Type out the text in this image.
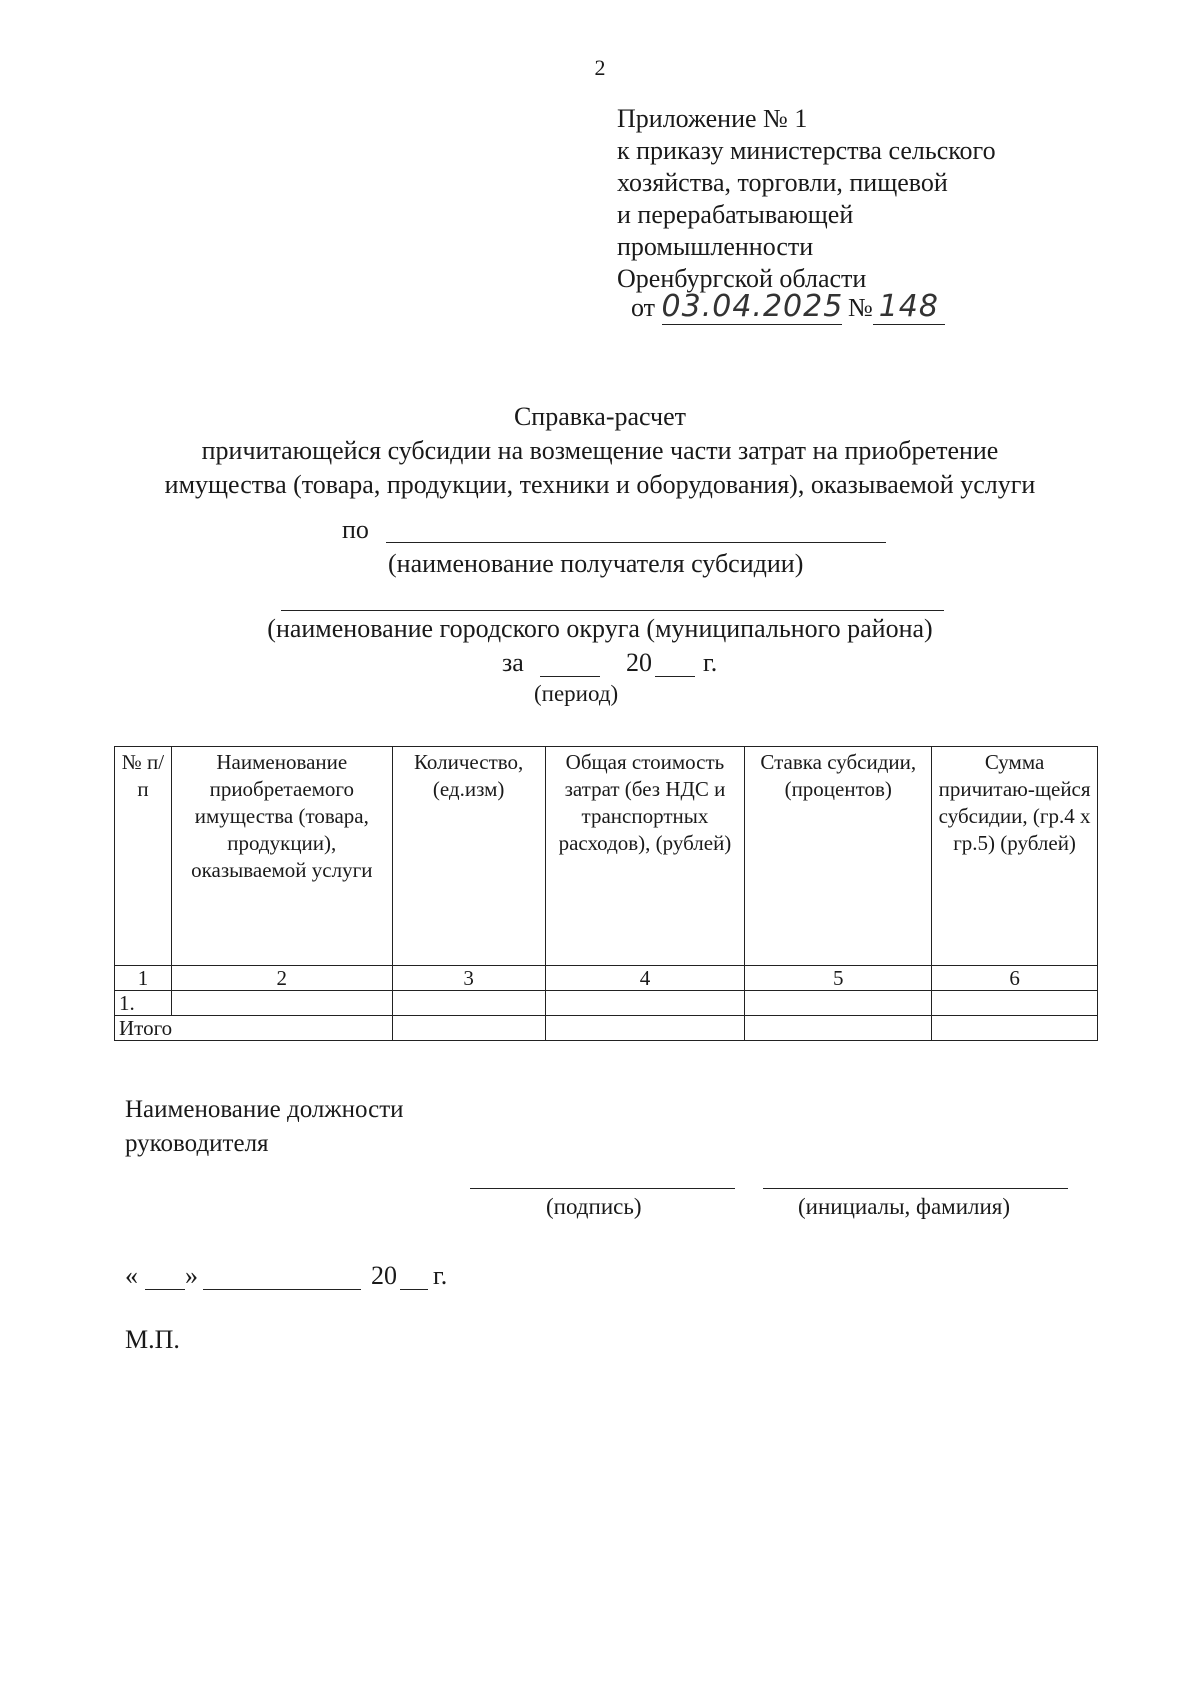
2
Приложение № 1
к приказу министерства сельского
хозяйства, торговли, пищевой
и перерабатывающей
промышленности
Оренбургской области
от 03.04.2025 № 148
Справка-расчет
причитающейся субсидии на возмещение части затрат на приобретение
имущества (товара, продукции, техники и оборудования), оказываемой услуги
по
(наименование получателя субсидии)
(наименование городского округа (муниципального района)
за	20 г.
(период)
№ п/п	Наименование приобретаемого имущества (товара, продукции), оказываемой услуги	Количество, (ед.изм)	Общая стоимость затрат (без НДС и транспортных расходов), (рублей)	Ставка субсидии, (процентов)	Сумма причитаю-щейся субсидии, (гр.4 х гр.5) (рублей)
1	2	3	4	5	6
1.					
Итого					
Наименование должности
руководителя
(подпись)	(инициалы, фамилия)
« »	20 г.
М.П.
